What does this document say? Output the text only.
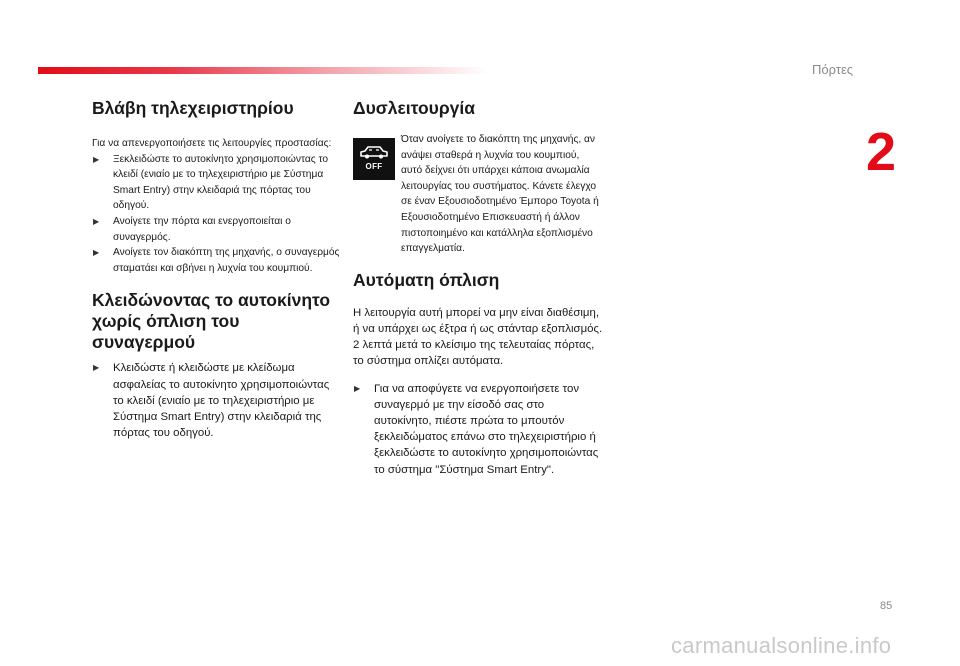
Πόρτες
2
Βλάβη τηλεχειριστηρίου

Για να απενεργοποιήσετε τις λειτουργίες προστασίας:

▶ Ξεκλειδώστε το αυτοκίνητο χρησιμοποιώντας το κλειδί (ενιαίο με το τηλεχειριστήριο με Σύστημα Smart Entry) στην κλειδαριά της πόρτας του οδηγού.
▶ Ανοίγετε την πόρτα και ενεργοποιείται ο συναγερμός.
▶ Ανοίγετε τον διακόπτη της μηχανής, ο συναγερμός σταματάει και σβήνει η λυχνία του κουμπιού.
Κλειδώνοντας το αυτοκίνητο
χωρίς όπλιση του συναγερμού
▶ Κλειδώστε ή κλειδώστε με κλείδωμα ασφαλείας το αυτοκίνητο χρησιμοποιώντας το κλειδί (ενιαίο με το τηλεχειριστήριο με Σύστημα Smart Entry) στην κλειδαριά της πόρτας του οδηγού.
Δυσλειτουργία
OFF

Όταν ανοίγετε το διακόπτη της μηχανής, αν ανάψει σταθερά η λυχνία του κουμπιού, αυτό δείχνει ότι υπάρχει κάποια ανωμαλία λειτουργίας του συστήματος. Κάνετε έλεγχο σε έναν Εξουσιοδοτημένο Έμπορο Toyota ή Εξουσιοδοτημένο Επισκευαστή ή άλλον πιστοποιημένο και κατάλληλα εξοπλισμένο επαγγελματία.

Αυτόματη όπλιση

Η λειτουργία αυτή μπορεί να μην είναι διαθέσιμη, ή να υπάρχει ως έξτρα ή ως στάνταρ εξοπλισμός.

2 λεπτά μετά το κλείσιμο της τελευταίας πόρτας, το σύστημα οπλίζει αυτόματα.

▶ Για να αποφύγετε να ενεργοποιήσετε τον συναγερμό με την είσοδό σας στο αυτοκίνητο, πιέστε πρώτα το μπουτόν ξεκλειδώματος επάνω στο τηλεχειριστήριο ή ξεκλειδώστε το αυτοκίνητο χρησιμοποιώντας το σύστημα "Σύστημα Smart Entry".
85
carmanualsonline.info
